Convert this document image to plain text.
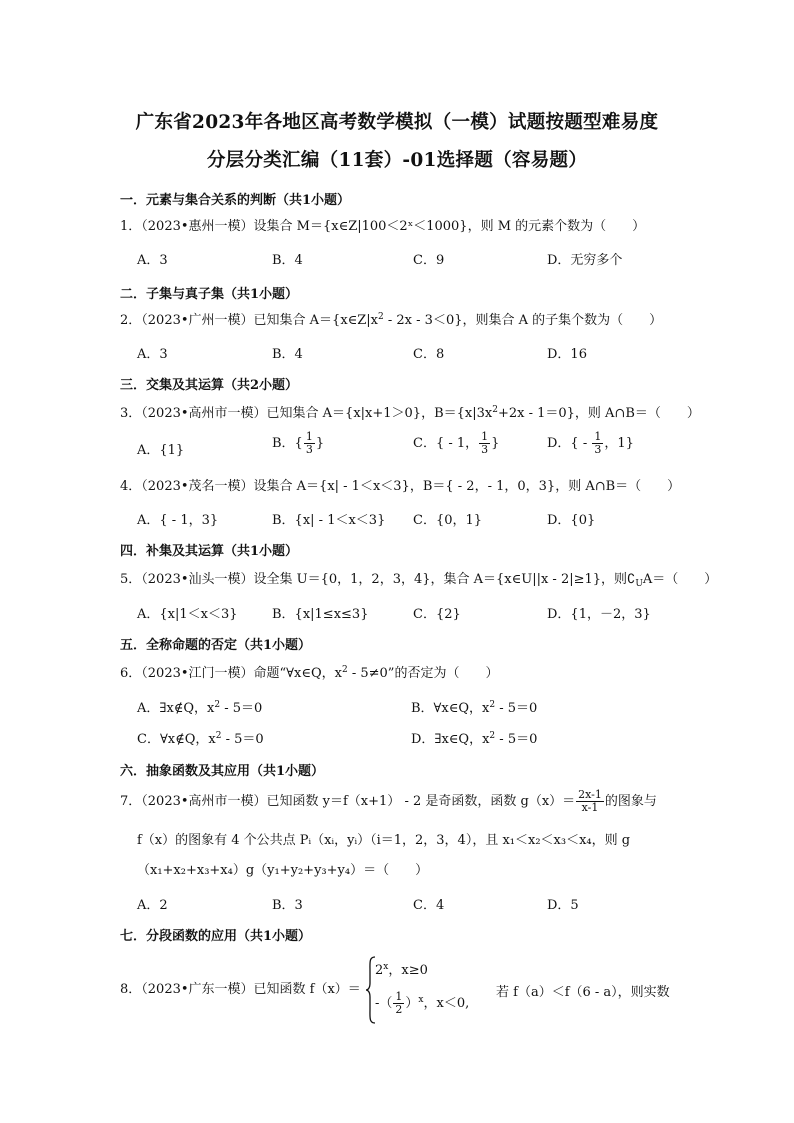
广东省2023年各地区高考数学模拟（一模）试题按题型难易度
分层分类汇编（11套）-01选择题（容易题）
一．元素与集合关系的判断（共1小题）
1．（2023•惠州一模）设集合 M＝{x∈Z|100＜2ˣ＜1000}，则 M 的元素个数为（　　）
A．3	B．4	C．9	D．无穷多个
二．子集与真子集（共1小题）
2．（2023•广州一模）已知集合 $A=\{x\in Z|x^2 - 2x - 3<0\}$，则集合 A 的子集个数为（　　）
A．3	B．4	C．8	D．16
三．交集及其运算（共2小题）
3．（2023•高州市一模）已知集合 A＝{x|x+1＞0}，$B=\{x|3x^2+2x - 1=0\}$，则 A∩B＝（　　）
A．{1}	B．{ $\frac{1}{3}$ }	C．{ - 1， $\frac{1}{3}$ }	D．{ - $\frac{1}{3}$ ，1}
4．（2023•茂名一模）设集合 A＝{x| - 1＜x＜3}，B＝{ - 2，- 1，0，3}，则 A∩B＝（　　）
A．{ - 1，3}	B．{x| - 1＜x＜3} C．{0，1}	D．{0}
四．补集及其运算（共1小题）
5．（2023•汕头一模）设全集 U＝{0，1，2，3，4}，集合 A＝{x∈U||x - 2|≥1}，则$∁_UA=$（　　）
A．{x|1＜x＜3}	B．{x|1≤x≤3}	C．{2}	D．{1，－2，3}
五．全称命题的否定（共1小题）
6．（2023•江门一模）命题“∀x∈Q，$x^2 - 5\ne 0$”的否定为（　　）
A．∃x∉Q，$x^2 - 5=0$	B．∀x∈Q，$x^2 - 5=0$
C．∀x∉Q，$x^2 - 5=0$	D．∃x∈Q，$x^2 - 5=0$
六．抽象函数及其应用（共1小题）
7．（2023•高州市一模）已知函数 y＝f（x+1） - 2 是奇函数，函数 $g(x)= \frac{2x-1}{x-1}$ 的图象与
f（x）的图象有 4 个公共点 Pᵢ（xᵢ，yᵢ）（i＝1，2，3，4），且 x₁＜x₂＜x₃＜x₄，则 g
（x₁+x₂+x₃+x₄）g（y₁+y₂+y₃+y₄）＝（　　）
A．2	B．3	C．4	D．5
七．分段函数的应用（共1小题）
8．（2023•广东一模）已知函数 f（x）＝
$2^x$，x≥0
-（ $\frac{1}{2} )^x$，x＜0,
若 f（a）＜f（6 - a），则实数
